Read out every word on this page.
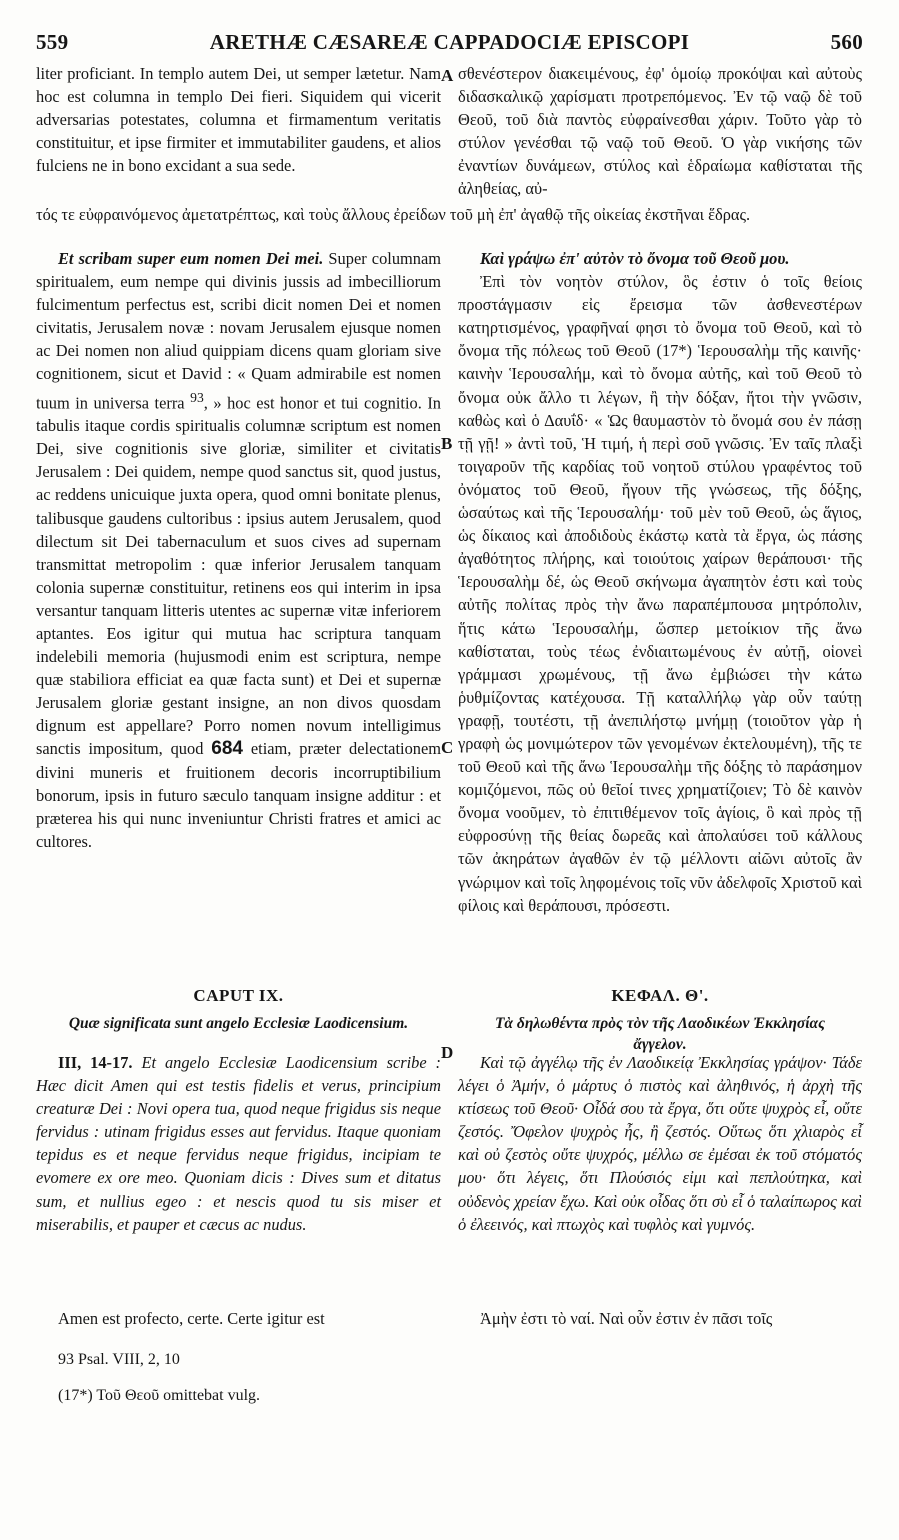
559	ARETHÆ CÆSAREÆ CAPPADOCIÆ EPISCOPI	560

liter proficiant. In templo autem Dei, ut semper lætetur. Nam hoc est columna in templo Dei fieri. Siquidem qui vicerit adversarias potestates, columna et firmamentum veritatis constituitur, et ipse firmiter et immutabiliter gaudens, et alios fulciens ne in bono excidant a sua sede.

σθενέστερον διακειμένους, ἐφ' ὁμοίῳ προκόψαι καὶ αὐτοὺς διδασκαλικῷ χαρίσματι προτρεπόμενος. Ἐν τῷ ναῷ δὲ τοῦ Θεοῦ, τοῦ διὰ παντὸς εὐφραίνεσθαι χάριν. Τοῦτο γὰρ τὸ στύλον γενέσθαι τῷ ναῷ τοῦ Θεοῦ. Ὁ γὰρ νικήσης τῶν ἐναντίων δυνάμεων, στύλος καὶ ἑδραίωμα καθίσταται τῆς ἀληθείας, αὐ-

τός τε εὐφραινόμενος ἀμετατρέπτως, καὶ τοὺς ἄλλους ἐρείδων τοῦ μὴ ἐπ' ἀγαθῷ τῆς οἰκείας ἐκστῆναι ἕδρας.

Et scribam super eum nomen Dei mei. Super columnam spiritualem, eum nempe qui divinis jussis ad imbecilliorum fulcimentum perfectus est, scribi dicit nomen Dei et nomen civitatis, Jerusalem novæ : novam Jerusalem ejusque nomen ac Dei nomen non aliud quippiam dicens quam gloriam sive cognitionem, sicut et David : « Quam admirabile est nomen tuum in universa terra $^{93}$, » hoc est honor et tui cognitio. In tabulis itaque cordis spiritualis columnæ scriptum est nomen Dei, sive cognitionis sive gloriæ, similiter et civitatis Jerusalem : Dei quidem, nempe quod sanctus sit, quod justus, ac reddens unicuique juxta opera, quod omni bonitate plenus, talibusque gaudens cultoribus : ipsius autem Jerusalem, quod dilectum sit Dei tabernaculum et suos cives ad supernam transmittat metropolim : quæ inferior Jerusalem tanquam colonia supernæ constituitur, retinens eos qui interim in ipsa versantur tanquam litteris utentes ac supernæ vitæ inferiorem aptantes. Eos igitur qui mutua hac scriptura tanquam indelebili memoria (hujusmodi enim est scriptura, nempe quæ stabiliora efficiat ea quæ facta sunt) et Dei et supernæ Jerusalem gloriæ gestant insigne, an non divos quosdam dignum est appellare? Porro nomen novum intelligimus sanctis impositum, quod 684 etiam, præter delectationem divini muneris et fruitionem decoris incorruptibilium bonorum, ipsis in futuro sæculo tanquam insigne additur : et præterea his qui nunc inveniuntur Christi fratres et amici ac cultores.

Καὶ γράψω ἐπ' αὐτὸν τὸ ὄνομα τοῦ Θεοῦ μου.

Ἐπὶ τὸν νοητὸν στύλον, ὃς ἐστιν ὁ τοῖς θείοις προστάγμασιν εἰς ἔρεισμα τῶν ἀσθενεστέρων κατηρτισμένος, γραφῆναί φησι τὸ ὄνομα τοῦ Θεοῦ, καὶ τὸ ὄνομα τῆς πόλεως τοῦ Θεοῦ (17*) Ἱερουσαλὴμ τῆς καινῆς· καινὴν Ἱερουσαλήμ, καὶ τὸ ὄνομα αὐτῆς, καὶ τοῦ Θεοῦ τὸ ὄνομα οὐκ ἄλλο τι λέγων, ἢ τὴν δόξαν, ἤτοι τὴν γνῶσιν, καθὼς καὶ ὁ Δαυΐδ· « Ὡς θαυμαστὸν τὸ ὄνομά σου ἐν πάσῃ τῇ γῇ! » ἀντὶ τοῦ, Ἡ τιμή, ἡ περὶ σοῦ γνῶσις. Ἐν ταῖς πλαξὶ τοιγαροῦν τῆς καρδίας τοῦ νοητοῦ στύλου γραφέντος τοῦ ὀνόματος τοῦ Θεοῦ, ἤγουν τῆς γνώσεως, τῆς δόξης, ὡσαύτως καὶ τῆς Ἱερουσαλήμ· τοῦ μὲν τοῦ Θεοῦ, ὡς ἅγιος, ὡς δίκαιος καὶ ἀποδιδοὺς ἑκάστῳ κατὰ τὰ ἔργα, ὡς πάσης ἀγαθότητος πλήρης, καὶ τοιούτοις χαίρων θεράπουσι· τῆς Ἱερουσαλὴμ δέ, ὡς Θεοῦ σκήνωμα ἀγαπητὸν ἐστι καὶ τοὺς αὐτῆς πολίτας πρὸς τὴν ἄνω παραπέμπουσα μητρόπολιν, ἥτις κάτω Ἱερουσαλήμ, ὥσπερ μετοίκιον τῆς ἄνω καθίσταται, τοὺς τέως ἐνδιαιτωμένους ἐν αὐτῇ, οἱονεὶ γράμμασι χρωμένους, τῇ ἄνω ἐμβιώσει τὴν κάτω ῥυθμίζοντας κατέχουσα. Τῇ καταλλήλῳ γὰρ οὖν ταύτῃ γραφῇ, τουτέστι, τῇ ἀνεπιλήστῳ μνήμῃ (τοιοῦτον γὰρ ἡ γραφὴ ὡς μονιμώτερον τῶν γενομένων ἐκτελουμένη), τῆς τε τοῦ Θεοῦ καὶ τῆς ἄνω Ἱερουσαλὴμ τῆς δόξης τὸ παράσημον κομιζόμενοι, πῶς οὐ θεῖοί τινες χρηματίζοιεν; Τὸ δὲ καινὸν ὄνομα νοοῦμεν, τὸ ἐπιτιθέμενον τοῖς ἁγίοις, ὃ καὶ πρὸς τῇ εὐφροσύνῃ τῆς θείας δωρεᾶς καὶ ἀπολαύσει τοῦ κάλλους τῶν ἀκηράτων ἀγαθῶν ἐν τῷ μέλλοντι αἰῶνι αὐτοῖς ἂν γνώριμον καὶ τοῖς ληφομένοις τοῖς νῦν ἀδελφοῖς Χριστοῦ καὶ φίλοις καὶ θεράπουσι, πρόσεστι.

A
B
C
D
CAPUT IX.
Quæ significata sunt angelo Ecclesiæ Laodicensium.
ΚΕΦΑΛ. Θ'.
Τὰ δηλωθέντα πρὸς τὸν τῆς Λαοδικέων Ἐκκλησίας ἄγγελον.

III, 14-17. Et angelo Ecclesiæ Laodicensium scribe : Hæc dicit Amen qui est testis fidelis et verus, principium creaturæ Dei : Novi opera tua, quod neque frigidus sis neque fervidus : utinam frigidus esses aut fervidus. Itaque quoniam tepidus es et neque fervidus neque frigidus, incipiam te evomere ex ore meo. Quoniam dicis : Dives sum et ditatus sum, et nullius egeo : et nescis quod tu sis miser et miserabilis, et pauper et cæcus ac nudus.

Καὶ τῷ ἀγγέλῳ τῆς ἐν Λαοδικείᾳ Ἐκκλησίας γράψον· Τάδε λέγει ὁ Ἀμήν, ὁ μάρτυς ὁ πιστὸς καὶ ἀληθινός, ἡ ἀρχὴ τῆς κτίσεως τοῦ Θεοῦ· Οἶδά σου τὰ ἔργα, ὅτι οὔτε ψυχρὸς εἶ, οὔτε ζεστός. Ὄφελον ψυχρὸς ἦς, ἢ ζεστός. Οὕτως ὅτι χλιαρὸς εἶ καὶ οὐ ζεστὸς οὔτε ψυχρός, μέλλω σε ἐμέσαι ἐκ τοῦ στόματός μου· ὅτι λέγεις, ὅτι Πλούσιός εἰμι καὶ πεπλούτηκα, καὶ οὐδενὸς χρείαν ἔχω. Καὶ οὐκ οἶδας ὅτι σὺ εἶ ὁ ταλαίπωρος καὶ ὁ ἐλεεινός, καὶ πτωχὸς καὶ τυφλὸς καὶ γυμνός.

Amen est profecto, certe. Certe igitur est	Ἀμὴν ἐστι τὸ ναί. Ναὶ οὖν ἐστιν ἐν πᾶσι τοῖς

93 Psal. VIII, 2, 10
(17*) Τοῦ Θεοῦ omittebat vulg.
